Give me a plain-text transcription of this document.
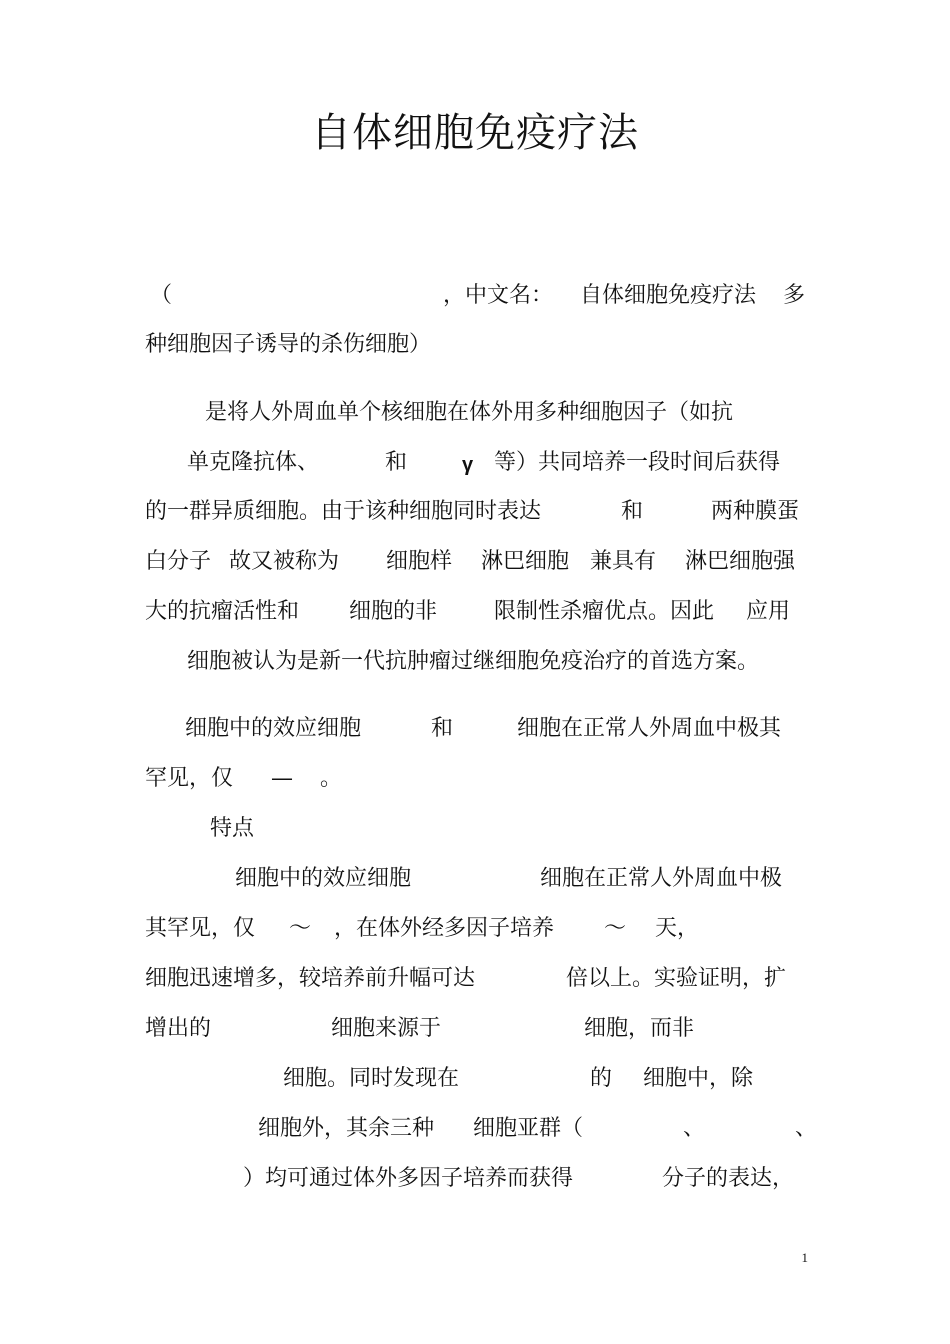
自体细胞免疫疗法
（	，中文名： 自体细胞免疫疗法 多
种细胞因子诱导的杀伤细胞）
是将人外周血单个核细胞在体外用多种细胞因子（如抗
单克隆抗体、	和	γ 等）共同培养一段时间后获得
的一群异质细胞。由于该种细胞同时表达	和	两种膜蛋
白分子 故又被称为 细胞样 淋巴细胞 兼具有 淋巴细胞强
大的抗瘤活性和 细胞的非	限制性杀瘤优点。因此 应用
细胞被认为是新一代抗肿瘤过继细胞免疫治疗的首选方案。
细胞中的效应细胞	和	细胞在正常人外周血中极其
罕见，仅 — 。
特点
细胞中的效应细胞	细胞在正常人外周血中极
其罕见，仅 ～ ，在体外经多因子培养 ～ 天，
细胞迅速增多，较培养前升幅可达	倍以上。实验证明，扩
增出的	细胞来源于	细胞，而非
细胞。同时发现在	的 细胞中，除
细胞外，其余三种 细胞亚群（	、	、
）均可通过体外多因子培养而获得	分子的表达，
1
